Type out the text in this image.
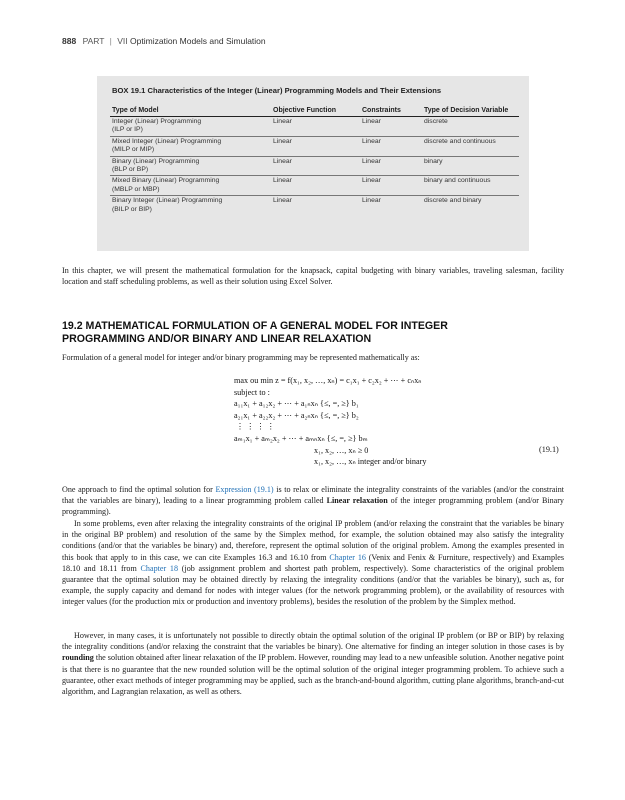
888 PART | VII Optimization Models and Simulation
BOX 19.1 Characteristics of the Integer (Linear) Programming Models and Their Extensions
Type of Model	Objective Function	Constraints	Type of Decision Variable
Integer (Linear) Programming
(ILP or IP)	Linear	Linear	discrete
Mixed Integer (Linear) Programming
(MILP or MIP)	Linear	Linear	discrete and continuous
Binary (Linear) Programming
(BLP or BP)	Linear	Linear	binary
Mixed Binary (Linear) Programming
(MBLP or MBP)	Linear	Linear	binary and continuous
Binary Integer (Linear) Programming
(BILP or BIP)	Linear	Linear	discrete and binary

In this chapter, we will present the mathematical formulation for the knapsack, capital budgeting with binary variables, traveling salesman, facility location and staff scheduling problems, as well as their solution using Excel Solver.

19.2 MATHEMATICAL FORMULATION OF A GENERAL MODEL FOR INTEGER
PROGRAMMING AND/OR BINARY AND LINEAR RELAXATION

Formulation of a general model for integer and/or binary programming may be represented mathematically as:

max ou min z = f(x₁, x₂, …, xₙ) = c₁x₁ + c₂x₂ + ⋯ + cₙxₙ
subject to :
a₁₁x₁ + a₁₂x₂ + ⋯ + a₁ₙxₙ {≤, =, ≥} b₁
a₂₁x₁ + a₂₂x₂ + ⋯ + a₂ₙxₙ {≤, =, ≥} b₂
⋮ ⋮ ⋮ ⋮
aₘ₁x₁ + aₘ₂x₂ + ⋯ + aₘₙxₙ {≤, =, ≥} bₘ
x₁, x₂, …, xₙ ≥ 0
x₁, x₂, …, xₙ integer and/or binary
(19.1)

One approach to find the optimal solution for Expression (19.1) is to relax or eliminate the integrality constraints of the variables (and/or the constraint that the variables are binary), leading to a linear programming problem called Linear relaxation of the integer programming problem (and/or Binary programming).

In some problems, even after relaxing the integrality constraints of the original IP problem (and/or relaxing the constraint that the variables be binary in the original BP problem) and resolution of the same by the Simplex method, for example, the solution obtained may also satisfy the integrality conditions (and/or that the variables be binary) and, therefore, represent the optimal solution of the original problem. Among the examples presented in this book that apply to in this case, we can cite Examples 16.3 and 16.10 from Chapter 16 (Venix and Fenix & Furniture, respectively) and Examples 18.10 and 18.11 from Chapter 18 (job assignment problem and shortest path problem, respectively). Some characteristics of the original problem guarantee that the optimal solution may be obtained directly by relaxing the integrality conditions (and/or that the variables be binary), such as, for example, the supply capacity and demand for nodes with integer values (for the network programming problem), or the availability of resources with integer values (for the production mix or production and inventory problems), besides the resolution of the problem by the Simplex method.

However, in many cases, it is unfortunately not possible to directly obtain the optimal solution of the original IP problem (or BP or BIP) by relaxing the integrality conditions (and/or relaxing the constraint that the variables be binary). One alternative for finding an integer solution in those cases is by rounding the solution obtained after linear relaxation of the IP problem. However, rounding may lead to a new unfeasible solution. Another negative point is that there is no guarantee that the new rounded solution will be the optimal solution of the original integer programming problem. To achieve such a guarantee, other exact methods of integer programming may be applied, such as the branch-and-bound algorithm, cutting plane algorithms, branch-and-cut algorithm, and Lagrangian relaxation, as well as others.
